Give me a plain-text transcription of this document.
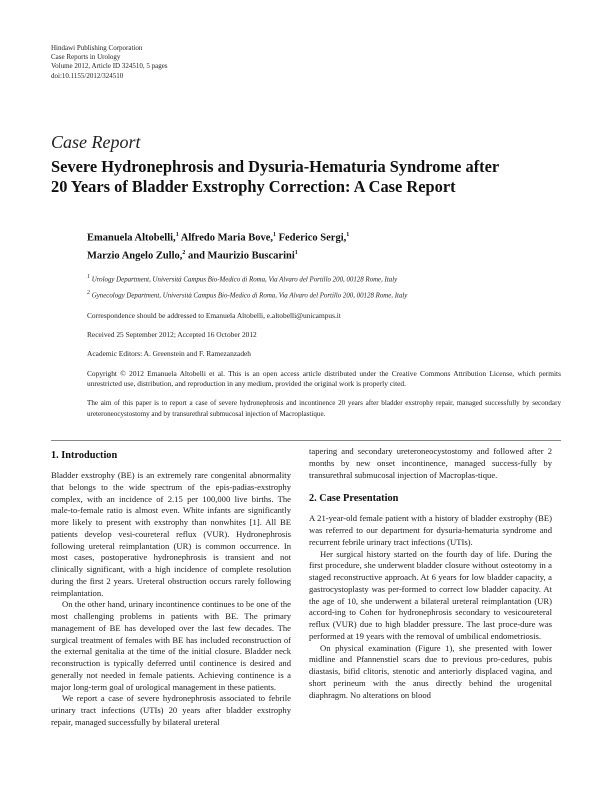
Hindawi Publishing Corporation
Case Reports in Urology
Volume 2012, Article ID 324510, 5 pages
doi:10.1155/2012/324510
Case Report
Severe Hydronephrosis and Dysuria-Hematuria Syndrome after
20 Years of Bladder Exstrophy Correction: A Case Report
Emanuela Altobelli,$^1$ Alfredo Maria Bove,$^1$ Federico Sergi,$^1$
Marzio Angelo Zullo,$^2$ and Maurizio Buscarini$^1$
$^1$ Urology Department, Università Campus Bio-Medico di Roma, Via Alvaro del Portillo 200, 00128 Rome, Italy
$^2$ Gynecology Department, Università Campus Bio-Medico di Roma, Via Alvaro del Portillo 200, 00128 Rome, Italy
Correspondence should be addressed to Emanuela Altobelli, e.altobelli@unicampus.it
Received 25 September 2012; Accepted 16 October 2012
Academic Editors: A. Greenstein and F. Ramezanzadeh
Copyright © 2012 Emanuela Altobelli et al. This is an open access article distributed under the Creative Commons Attribution License, which permits unrestricted use, distribution, and reproduction in any medium, provided the original work is properly cited.
The aim of this paper is to report a case of severe hydronephrosis and incontinence 20 years after bladder exstrophy repair, managed successfully by secondary ureteroneocystostomy and by transurethral submucosal injection of Macroplastique.
1. Introduction

Bladder exstrophy (BE) is an extremely rare congenital abnormality that belongs to the wide spectrum of the epis-padias-exstrophy complex, with an incidence of 2.15 per 100,000 live births. The male-to-female ratio is almost even. White infants are significantly more likely to present with exstrophy than nonwhites [1]. All BE patients develop vesi-coureteral reflux (VUR). Hydronephrosis following ureteral reimplantation (UR) is common occurrence. In most cases, postoperative hydronephrosis is transient and not clinically significant, with a high incidence of complete resolution during the first 2 years. Ureteral obstruction occurs rarely following reimplantation.

On the other hand, urinary incontinence continues to be one of the most challenging problems in patients with BE. The primary management of BE has developed over the last few decades. The surgical treatment of females with BE has included reconstruction of the external genitalia at the time of the initial closure. Bladder neck reconstruction is typically deferred until continence is desired and generally not needed in female patients. Achieving continence is a major long-term goal of urological management in these patients.

We report a case of severe hydronephrosis associated to febrile urinary tract infections (UTIs) 20 years after bladder exstrophy repair, managed successfully by bilateral ureteral

tapering and secondary ureteroneocystostomy and followed after 2 months by new onset incontinence, managed success-fully by transurethral submucosal injection of Macroplas-tique.

2. Case Presentation

A 21-year-old female patient with a history of bladder exstrophy (BE) was referred to our department for dysuria-hematuria syndrome and recurrent febrile urinary tract infections (UTIs).

Her surgical history started on the fourth day of life. During the first procedure, she underwent bladder closure without osteotomy in a staged reconstructive approach. At 6 years for low bladder capacity, a gastrocystoplasty was per-formed to correct low bladder capacity. At the age of 10, she underwent a bilateral ureteral reimplantation (UR) accord-ing to Cohen for hydronephrosis secondary to vesicoureteral reflux (VUR) due to high bladder pressure. The last proce-dure was performed at 19 years with the removal of umbilical endometriosis.

On physical examination (Figure 1), she presented with lower midline and Pfannenstiel scars due to previous pro-cedures, pubis diastasis, bifid clitoris, stenotic and anteriorly displaced vagina, and short perineum with the anus directly behind the urogenital diaphragm. No alterations on blood
